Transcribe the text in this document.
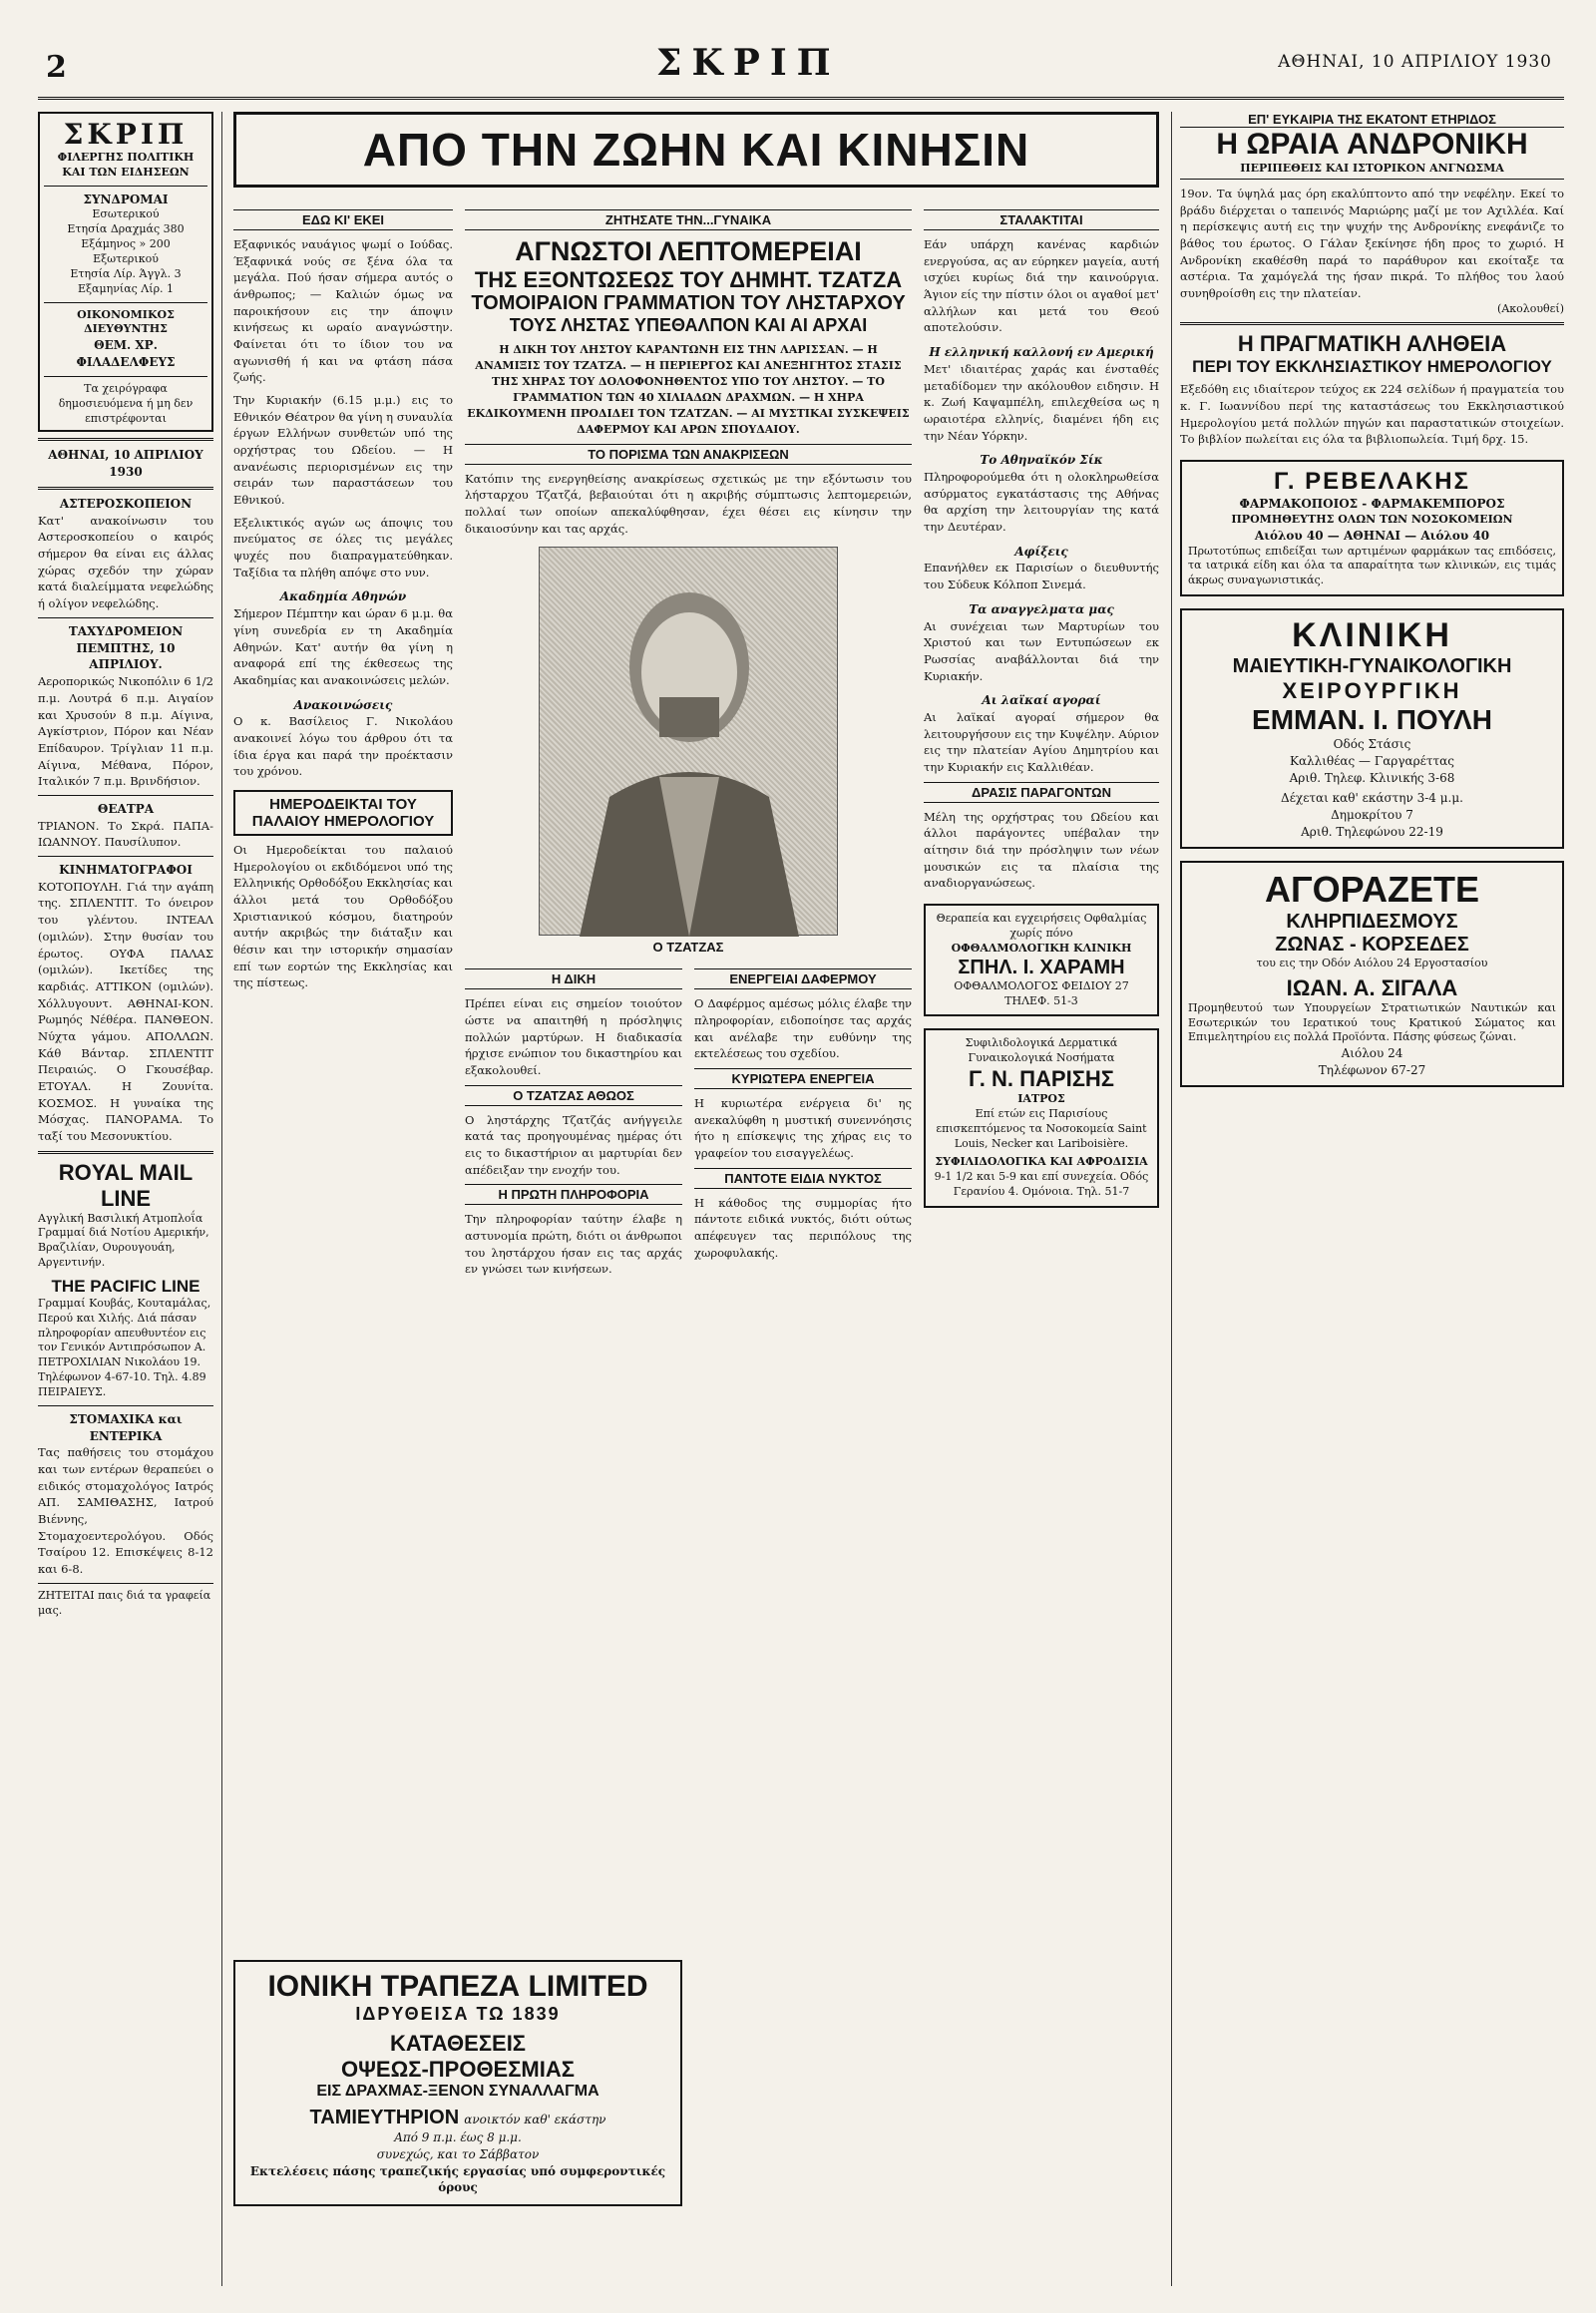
2	ΣΚΡΙΠ	ΑΘΗΝΑΙ, 10 ΑΠΡΙΛΙΟΥ 1930
ΣΚΡΙΠ
ΦΙΛΕΡΓΗΣ ΠΟΛΙΤΙΚΗ
ΚΑΙ ΤΩΝ ΕΙΔΗΣΕΩΝ
ΣΥΝΔΡΟΜΑΙ
Εσωτερικού
Ετησία Δραχμάς 380
Εξάμηνος » 200
Εξωτερικού
Ετησία Λίρ. Άγγλ. 3
Εξαμηνίας Λίρ. 1
ΟΙΚΟΝΟΜΙΚΟΣ ΔΙΕΥΘΥΝΤΗΣ
ΘΕΜ. ΧΡ. ΦΙΛΑΔΕΛΦΕΥΣ
Τα χειρόγραφα δημοσιευόμενα ή μη δεν επιστρέφονται
ΑΘΗΝΑΙ, 10 ΑΠΡΙΛΙΟΥ 1930
ΑΣΤΕΡΟΣΚΟΠΕΙΟΝ
Κατ' ανακοίνωσιν του Αστεροσκοπείου ο καιρός σήμερον θα είναι εις άλλας χώρας σχεδόν την χώραν κατά διαλείμματα νεφελώδης ή ολίγον νεφελώδης.
ΤΑΧΥΔΡΟΜΕΙΟΝ
ΠΕΜΠΤΗΣ, 10 ΑΠΡΙΛΙΟΥ.
Αεροπορικώς Νικοπόλιν 6 1/2 π.μ. Λουτρά 6 π.μ. Αιγαίον και Χρυσούν 8 π.μ. Αίγινα, Αγκίστριον, Πόρον και Νέαν Επίδαυρον. Τρίγλιαν 11 π.μ. Αίγινα, Μέθανα, Πόρον, Ιταλικόν 7 π.μ. Βρινδήσιον.
ΘΕΑΤΡΑ
ΤΡΙΑΝΟΝ. Το Σκρά. ΠΑΠΑ-ΙΩΑΝΝΟΥ. Παυσίλυπον.
ΚΙΝΗΜΑΤΟΓΡΑΦΟΙ
ΚΟΤΟΠΟΥΛΗ. Γιά την αγάπη της. ΣΠΛΕΝΤΙΤ. Το όνειρον του γλέντου. ΙΝΤΕΑΛ (ομιλών). Στην θυσίαν του έρωτος. ΟΥΦΑ ΠΑΛΑΣ (ομιλών). Ικετίδες της καρδιάς. ΑΤΤΙΚΟΝ (ομιλών). Χόλλυγουντ. ΑΘΗΝΑΙ-ΚΟΝ. Ρωμηός Νέθέρα. ΠΑΝΘΕΟΝ. Νύχτα γάμου. ΑΠΟΛΛΩΝ. Κάθ Βάνταρ. ΣΠΛΕΝΤΙΤ Πειραιώς. Ο Γκουσέβαρ. ΕΤΟΥΑΛ. Η Ζουνίτα. ΚΟΣΜΟΣ. Η γυναίκα της Μόσχας. ΠΑΝΟΡΑΜΑ. Το ταξί του Μεσονυκτίου.
ROYAL MAIL LINE
Αγγλική Βασιλική Ατμοπλοΐα
Γραμμαί διά Νοτίου Αμερικήν, Βραζιλίαν, Ουρουγουάη, Αργεντινήν.
THE PACIFIC LINE
Γραμμαί Κουβάς, Κουταμάλας, Περού και Χιλής. Διά πάσαν πληροφορίαν απευθυντέον εις τον Γενικόν Αντιπρόσωπον Α. ΠΕΤΡΟΧΙΛΙΑΝ Νικολάου 19. Τηλέφωνον 4-67-10. Τηλ. 4.89 ΠΕΙΡΑΙΕΥΣ.
ΣΤΟΜΑΧΙΚΑ και ΕΝΤΕΡΙΚΑ
Τας παθήσεις του στομάχου και των εντέρων θεραπεύει ο ειδικός στομαχολόγος Ιατρός ΑΠ. ΣΑΜΙΘΑΣΗΣ, Ιατρού Βιέννης, Στομαχοεντερολόγου. Οδός Τσαίρου 12. Επισκέψεις 8-12 και 6-8.
ΖΗΤΕΙΤΑΙ παις διά τα γραφεία μας.
ΑΠΟ ΤΗΝ ΖΩΗΝ ΚΑΙ ΚΙΝΗΣΙΝ
ΕΔΩ ΚΙ' ΕΚΕΙ
Εξαφνικός ναυάγιος ψωμί ο Ιούδας. Έξαφνικά νούς σε ξένα όλα τα μεγάλα. Πού ήσαν σήμερα αυτός ο άνθρωπος; — Καλιών όμως να παροικήσουν εις την άποψιν κινήσεως κι ωραίο αναγνώστην. Φαίνεται ότι το ίδιον του να αγωνισθή ή και να φτάση πάσα ζωής.
Την Κυριακήν (6.15 μ.μ.) εις το Εθνικόν Θέατρον θα γίνη η συναυλία έργων Ελλήνων συνθετών υπό της ορχήστρας του Ωδείου. — Η ανανέωσις περιορισμένων εις την σειράν των παραστάσεων του Εθνικού.
Εξελικτικός αγών ως άποψις του πνεύματος σε όλες τις μεγάλες ψυχές που διαπραγματεύθηκαν. Ταξίδια τα πλήθη απόψε στο νυν.
Ακαδημία Αθηνών
Σήμερον Πέμπτην και ώραν 6 μ.μ. θα γίνη συνεδρία εν τη Ακαδημία Αθηνών. Κατ' αυτήν θα γίνη η αναφορά επί της έκθεσεως της Ακαδημίας και ανακοινώσεις μελών.
Ανακοινώσεις
Ο κ. Βασίλειος Γ. Νικολάου ανακοινεί λόγω του άρθρου ότι τα ίδια έργα και παρά την προέκτασιν του χρόνου.
ΗΜΕΡΟΔΕΙΚΤΑΙ ΤΟΥ ΠΑΛΑΙΟΥ ΗΜΕΡΟΛΟΓΙΟΥ
Οι Ημεροδείκται του παλαιού Ημερολογίου οι εκδιδόμενοι υπό της Ελληνικής Ορθοδόξου Εκκλησίας και άλλοι μετά του Ορθοδόξου Χριστιανικού κόσμου, διατηρούν αυτήν ακριβώς την διάταξιν και θέσιν και την ιστορικήν σημασίαν επί των εορτών της Εκκλησίας και της πίστεως.
ΖΗΤΗΣΑΤΕ ΤΗΝ...ΓΥΝΑΙΚΑ
ΑΓΝΩΣΤΟΙ ΛΕΠΤΟΜΕΡΕΙΑΙ
ΤΗΣ ΕΞΟΝΤΩΣΕΩΣ ΤΟΥ ΔΗΜΗΤ. ΤΖΑΤΖΑ
ΤΟΜΟΙΡΑΙΟΝ ΓΡΑΜΜΑΤΙΟΝ ΤΟΥ ΛΗΣΤΑΡΧΟΥ
ΤΟΥΣ ΛΗΣΤΑΣ ΥΠΕΘΑΛΠΟΝ ΚΑΙ ΑΙ ΑΡΧΑΙ
Η ΔΙΚΗ ΤΟΥ ΛΗΣΤΟΥ ΚΑΡΑΝΤΩΝΗ ΕΙΣ ΤΗΝ ΛΑΡΙΣΣΑΝ. — Η ΑΝΑΜΙΞΙΣ ΤΟΥ ΤΖΑΤΖΑ. — Η ΠΕΡΙΕΡΓΟΣ ΚΑΙ ΑΝΕΞΗΓΗΤΟΣ ΣΤΑΣΙΣ ΤΗΣ ΧΗΡΑΣ ΤΟΥ ΔΟΛΟΦΟΝΗΘΕΝΤΟΣ ΥΠΟ ΤΟΥ ΛΗΣΤΟΥ. — ΤΟ ΓΡΑΜΜΑΤΙΟΝ ΤΩΝ 40 ΧΙΛΙΑΔΩΝ ΔΡΑΧΜΩΝ. — Η ΧΗΡΑ ΕΚΔΙΚΟΥΜΕΝΗ ΠΡΟΔΙΔΕΙ ΤΟΝ ΤΖΑΤΖΑΝ. — ΑΙ ΜΥΣΤΙΚΑΙ ΣΥΣΚΕΨΕΙΣ ΔΑΦΕΡΜΟΥ ΚΑΙ ΑΡΩΝ ΣΠΟΥΔΑΙΟΥ.
ΤΟ ΠΟΡΙΣΜΑ ΤΩΝ ΑΝΑΚΡΙΣΕΩΝ
Κατόπιν της ενεργηθείσης ανακρίσεως σχετικώς με την εξόντωσιν του λήσταρχου Τζατζά, βεβαιούται ότι η ακριβής σύμπτωσις λεπτομερειών, πολλαί των οποίων απεκαλύφθησαν, έχει θέσει εις κίνησιν την δικαιοσύνην και τας αρχάς.
Ο ΤΖΑΤΖΑΣ
Η ΔΙΚΗ
Πρέπει είναι εις σημείον τοιούτον ώστε να απαιτηθή η πρόσληψις πολλών μαρτύρων. Η διαδικασία ήρχισε ενώπιον του δικαστηρίου και εξακολουθεί.
Ο ΤΖΑΤΖΑΣ ΑΘΩΟΣ
Ο ληστάρχης Τζατζάς ανήγγειλε κατά τας προηγουμένας ημέρας ότι εις το δικαστήριον αι μαρτυρίαι δεν απέδειξαν την ενοχήν του.
Η ΠΡΩΤΗ ΠΛΗΡΟΦΟΡΙΑ
Την πληροφορίαν ταύτην έλαβε η αστυνομία πρώτη, διότι οι άνθρωποι του ληστάρχου ήσαν εις τας αρχάς εν γνώσει των κινήσεων.
ΕΝΕΡΓΕΙΑΙ ΔΑΦΕΡΜΟΥ
Ο Δαφέρμος αμέσως μόλις έλαβε την πληροφορίαν, ειδοποίησε τας αρχάς και ανέλαβε την ευθύνην της εκτελέσεως του σχεδίου.
ΚΥΡΙΩΤΕΡΑ ΕΝΕΡΓΕΙΑ
Η κυριωτέρα ενέργεια δι' ης ανεκαλύφθη η μυστική συνεννόησις ήτο η επίσκεψις της χήρας εις το γραφείον του εισαγγελέως.
ΠΑΝΤΟΤΕ ΕΙΔΙΑ ΝΥΚΤΟΣ
Η κάθοδος της συμμορίας ήτο πάντοτε ειδικά νυκτός, διότι ούτως απέφευγεν τας περιπόλους της χωροφυλακής.
ΣΤΑΛΑΚΤΙΤΑΙ
Εάν υπάρχη κανένας καρδιών ενεργούσα, ας αν εύρηκεν μαγεία, αυτή ισχύει κυρίως διά την καινούργια. Άγιον είς την πίστιν όλοι οι αγαθοί μετ' αλλήλων και μετά του Θεού αποτελούσιν.
Η ελληνική καλλονή εν Αμερική
Μετ' ιδιαιτέρας χαράς και ένσταθές μεταδίδομεν την ακόλουθον ειδησιν. Η κ. Ζωή Καψαμπέλη, επιλεχθείσα ως η ωραιοτέρα ελληνίς, διαμένει ήδη εις την Νέαν Υόρκην.
Το Αθηναϊκόν Σίκ
Πληροφορούμεθα ότι η ολοκληρωθείσα ασύρματος εγκατάστασις της Αθήνας θα αρχίση την λειτουργίαν της κατά την Δευτέραν.
Αφίξεις
Επανήλθεν εκ Παρισίων ο διευθυντής του Σύδευκ Κόλποπ Σινεμά.
Τα αναγγελματα μας
Αι συνέχειαι των Μαρτυρίων του Χριστού και των Εντυπώσεων εκ Ρωσσίας αναβάλλονται διά την Κυριακήν.
Αι λαϊκαί αγοραί
Αι λαϊκαί αγοραί σήμερον θα λειτουργήσουν εις την Κυψέλην. Αύριον εις την πλατείαν Αγίου Δημητρίου και την Κυριακήν εις Καλλιθέαν.
ΔΡΑΣΙΣ ΠΑΡΑΓΟΝΤΩΝ
Μέλη της ορχήστρας του Ωδείου και άλλοι παράγοντες υπέβαλαν την αίτησιν διά την πρόσληψιν των νέων μουσικών εις τα πλαίσια της αναδιοργανώσεως.
Θεραπεία και εγχειρήσεις Οφθαλμίας χωρίς πόνο
ΟΦΘΑΛΜΟΛΟΓΙΚΗ ΚΛΙΝΙΚΗ
ΣΠΗΛ. Ι. ΧΑΡΑΜΗ
ΟΦΘΑΛΜΟΛΟΓΟΣ ΦΕΙΔΙΟΥ 27 ΤΗΛΕΦ. 51-3
Συφιλιδολογικά Δερματικά Γυναικολογικά Νοσήματα
Γ. Ν. ΠΑΡΙΣΗΣ
ΙΑΤΡΟΣ
Επί ετών εις Παρισίους επισκεπτόμενος τα Νοσοκομεία Saint Louis, Necker και Lariboisière.
ΣΥΦΙΛΙΔΟΛΟΓΙΚΑ ΚΑΙ ΑΦΡΟΔΙΣΙΑ
9-1 1/2 και 5-9 και επί συνεχεία. Οδός Γερανίου 4. Ομόνοια. Τηλ. 51-7
ΙΟΝΙΚΗ ΤΡΑΠΕΖΑ LIMITED
ΙΔΡΥΘΕΙΣΑ ΤΩ 1839
ΚΑΤΑΘΕΣΕΙΣ
ΟΨΕΩΣ-ΠΡΟΘΕΣΜΙΑΣ
ΕΙΣ ΔΡΑΧΜΑΣ-ΞΕΝΟΝ ΣΥΝΑΛΛΑΓΜΑ
ΤΑΜΙΕΥΤΗΡΙΟΝ ανοικτόν καθ' εκάστην
Από 9 π.μ. έως 8 μ.μ.
συνεχώς, και το Σάββατον
Εκτελέσεις πάσης τραπεζικής εργασίας υπό συμφεροντικές όρους
ΕΠ' ΕΥΚΑΙΡΙΑ ΤΗΣ ΕΚΑΤΟΝΤ ΕΤΗΡΙΔΟΣ
Η ΩΡΑΙΑ ΑΝΔΡΟΝΙΚΗ
ΠΕΡΙΠΕΘΕΙΣ ΚΑΙ ΙΣΤΟΡΙΚΟΝ ΑΝΓΝΩΣΜΑ
19ον. Τα ύψηλά μας όρη εκαλύπτοντο από την νεφέλην. Εκεί το βράδυ διέρχεται ο ταπεινός Μαριώρης μαζί με τον Αχιλλέα. Καί η περίσκεψις αυτή εις την ψυχήν της Ανδρονίκης ενεφάνιζε το βάθος του έρωτος. Ο Γάλαν ξεκίνησε ήδη προς το χωριό. Η Ανδρονίκη εκαθέσθη παρά το παράθυρον και εκοίταξε τα αστέρια. Τα χαμόγελά της ήσαν πικρά. Το πλήθος του λαού συνηθροίσθη εις την πλατείαν.
(Ακολουθεί)
Η ΠΡΑΓΜΑΤΙΚΗ ΑΛΗΘΕΙΑ
ΠΕΡΙ ΤΟΥ ΕΚΚΛΗΣΙΑΣΤΙΚΟΥ ΗΜΕΡΟΛΟΓΙΟΥ
Εξεδόθη εις ιδιαίτερον τεύχος εκ 224 σελίδων ή πραγματεία του κ. Γ. Ιωαννίδου περί της καταστάσεως του Εκκλησιαστικού Ημερολογίου μετά πολλών πηγών και παραστατικών στοιχείων. Το βιβλίον πωλείται εις όλα τα βιβλιοπωλεία. Τιμή δρχ. 15.
Γ. ΡΕΒΕΛΑΚΗΣ
ΦΑΡΜΑΚΟΠΟΙΟΣ - ΦΑΡΜΑΚΕΜΠΟΡΟΣ
ΠΡΟΜΗΘΕΥΤΗΣ ΟΛΩΝ ΤΩΝ ΝΟΣΟΚΟΜΕΙΩΝ
Αιόλου 40 — ΑΘΗΝΑΙ — Αιόλου 40
Πρωτοτύπως επιδείξαι των αρτιμένων φαρμάκων τας επιδόσεις, τα ιατρικά είδη και όλα τα απαραίτητα των κλινικών, εις τιμάς άκρως συναγωνιστικάς.
ΚΛΙΝΙΚΗ
ΜΑΙΕΥΤΙΚΗ-ΓΥΝΑΙΚΟΛΟΓΙΚΗ
ΧΕΙΡΟΥΡΓΙΚΗ
ΕΜΜΑΝ. Ι. ΠΟΥΛΗ
Οδός Στάσις
Καλλιθέας — Γαργαρέττας
Αριθ. Τηλεφ. Κλινικής 3-68
Δέχεται καθ' εκάστην 3-4 μ.μ.
Δημοκρίτου 7
Αριθ. Τηλεφώνου 22-19
ΑΓΟΡΑΖΕΤΕ
ΚΛΗΡΠΙΔΕΣΜΟΥΣ
ΖΩΝΑΣ - ΚΟΡΣΕΔΕΣ
του εις την Οδόν Αιόλου 24 Εργοστασίου
ΙΩΑΝ. Α. ΣΙΓΑΛΑ
Προμηθευτού των Υπουργείων Στρατιωτικών Ναυτικών και Εσωτερικών του Ιερατικού τους Κρατικού Σώματος και Επιμελητηρίου εις πολλά Προϊόντα. Πάσης φύσεως ζώναι.
Αιόλου 24
Τηλέφωνον 67-27
